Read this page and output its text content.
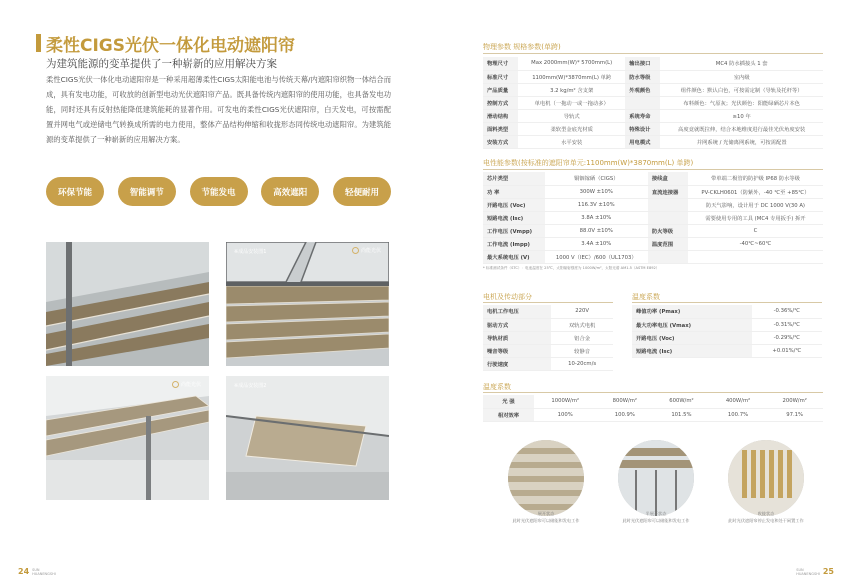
柔性CIGS光伏一体化电动遮阳帘
为建筑能源的变革提供了一种崭新的应用解决方案

柔性CIGS光伏一体化电动遮阳帘是一种采用超薄柔性CIGS太阳能电池与传统天幕/内遮阳帘织物一体结合而成，具有发电功能，可收放的创新型电动光伏遮阳帘产品。既具备传统内遮阳帘的使用功能，也具备发电功能，同时还具有反射热能降低建筑能耗的显著作用。可发电的柔性CIGS光伏遮阳帘，白天发电，可按需配置并网电气或逆储电气转换成所需的电力使用，整体产品结构伸缩和收拢形态同传统电动遮阳帘。为建筑能源的变革提供了一种崭新的应用解决方案。

环保节能	智能调节	节能发电	高效遮阳	轻便耐用
※成品安装图1	尚能光伏
尚能光伏	※成品安装图2
24 SUN
HUANENGSHI
物理参数 规格参数(单跨)
物理尺寸	Max 2000mm(W)* 5700mm(L)	输出接口	MC4 防水插接头 1 套
标准尺寸	1100mm(W)*3870mm(L) 单跨	防水等级	室内级
产品质量	3.2 kg/m² 含支架	外观颜色	组件颜色：默认白色，可按需定制（导轨及托杆等）
控制方式	单电机（一拖动一或一拖动多）		布料颜色：气原灰；光伏颜色：阳能绿硒芯片本色
滑动结构	导轨式	系统寿命	≥10 年
面料类型	柔软型金底光材质	特殊设计	高度竟就既拉伸，结合本地维度进行最佳光伏角度安装
安装方式	水平安装	用电模式	并网系统 / 光储离网系统，可按需配置
电性能参数(按标准的遮阳帘单元:1100mm(W)*3870mm(L) 单跨)
芯片类型	铜铟镓硒（CIGS）	接线盒	带单端二极管的防护级 IP68 防水等级
功 率	300W ±10%	直流连接器	PV-CKLH0601（防紫外，-40 ℃至 +85℃）
开路电压 (Voc)	116.3V ±10%		防天气影响，设计用于 DC 1000 V(30 A)
短路电流 (Isc)	3.8A ±10%		需要使用专用的工具 (MC4 专用扳手) 拆开
工作电压 (Vmpp)	88.0V ±10%	防火等级	C
工作电流 (Impp)	3.4A ±10%	温度范围	-40℃~60℃
最大系统电压 (V)	1000 V（IEC）/600（UL1703）		
* 标准测试条件（STC）：电池温度在 25℃，太阳辐射强度为 1000W/m²，太阳光谱 AM1.5（ASTM E892）
电机及传动部分
电机工作电压	220V
驱动方式	双轨式电机
导轨材质	铝合金
噪音等级	较静音
行驶速度	10-20cm/s
温度系数
峰值功率 (Pmax)	-0.36%/℃
最大功率电压 (Vmax)	-0.31%/℃
开路电压 (Voc)	-0.29%/℃
短路电流 (Isc)	+0.01%/℃
温度系数
光 强	1000W/m²	800W/m²	600W/m²	400W/m²	200W/m²
相对效率	100%	100.9%	101.5%	100.7%	97.1%
展开状态
此时光伏遮阳帘可以储能和发电工作
半展开状态
此时光伏遮阳帘可以储能和发电工作
收拢状态
此时光伏遮阳帘停止发电和处于闲置工作
SUN
HUANENGSHI 25
